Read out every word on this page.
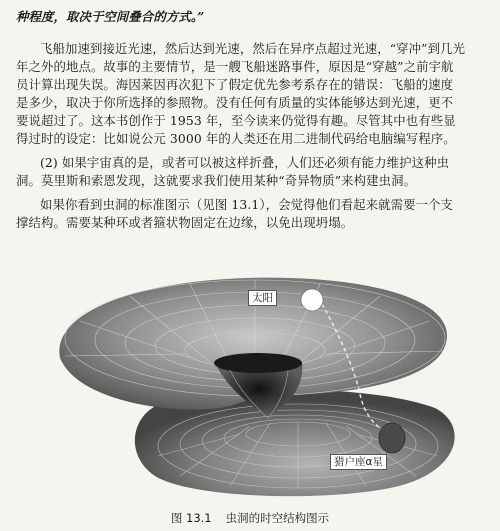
种程度，取决于空间叠合的方式。”
飞船加速到接近光速，然后达到光速，然后在异序点超过光速，“穿冲”到几光
年之外的地点。故事的主要情节，是一艘飞船迷路事件，原因是“穿越”之前宇航
员计算出现失误。海因莱因再次犯下了假定优先参考系存在的错误：飞船的速度
是多少，取决于你所选择的参照物。没有任何有质量的实体能够达到光速，更不
要说超过了。这本书创作于 1953 年，至今读来仍觉得有趣。尽管其中也有些显
得过时的设定：比如说公元 3000 年的人类还在用二进制代码给电脑编写程序。
(2) 如果宇宙真的是，或者可以被这样折叠，人们还必须有能力维护这种虫
洞。莫里斯和索恩发现，这就要求我们使用某种“奇异物质”来构建虫洞。
如果你看到虫洞的标准图示（见图 13.1），会觉得他们看起来就需要一个支
撑结构。需要某种环或者箍状物固定在边缘，以免出现坍塌。
太阳
猎户座α星
图 13.1 虫洞的时空结构图示
